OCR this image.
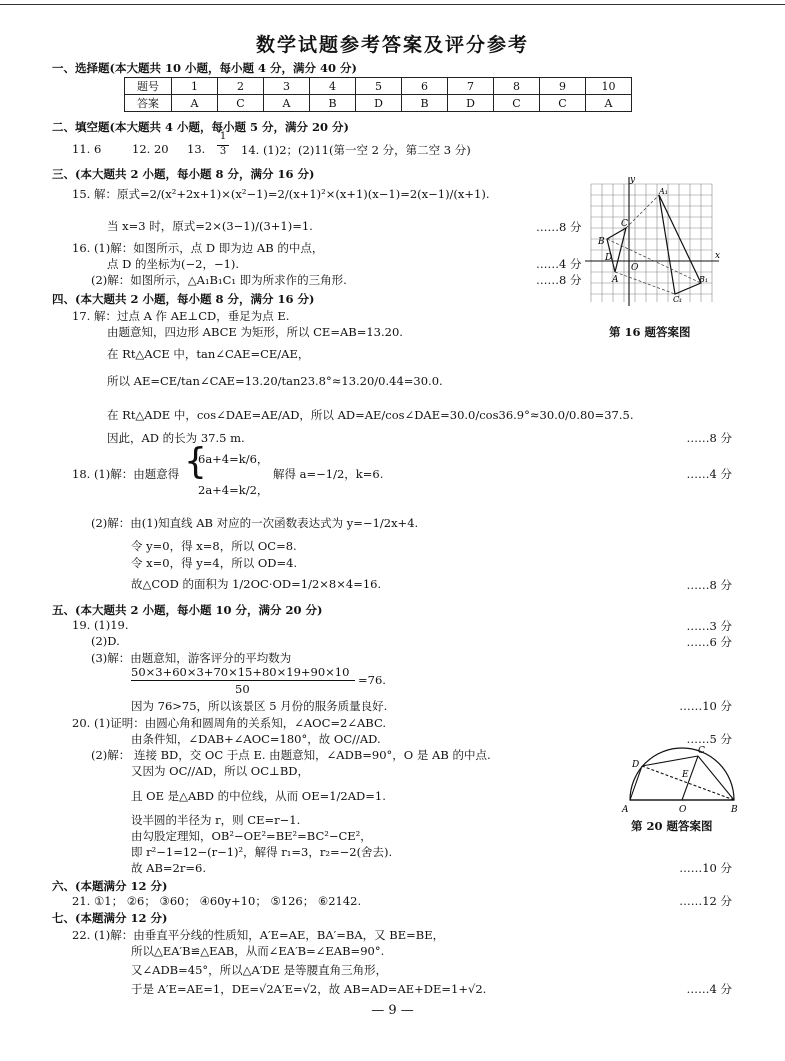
数学试题参考答案及评分参考
一、选择题(本大题共 10 小题，每小题 4 分，满分 40 分)
题号	1	2	3	4	5	6	7	8	9	10
答案	A	C	A	B	D	B	D	C	C	A
二、填空题(本大题共 4 小题，每小题 5 分，满分 20 分)
11. 6	12. 20 13.
1
3 14. (1)2；(2)11(第一空 2 分，第二空 3 分)
三、(本大题共 2 小题，每小题 8 分，满分 16 分)
15. 解：原式=2/(x²+2x+1)×(x²−1)=2/(x+1)²×(x+1)(x−1)=2(x−1)/(x+1).
当 x=3 时，原式=2×(3−1)/(3+1)=1.	……8 分
16. (1)解：如图所示，点 D 即为边 AB 的中点，
点 D 的坐标为(−2，−1).	……4 分
(2)解：如图所示，△A₁B₁C₁ 即为所求作的三角形.	……8 分
y
x
O
A
B
C
D
A₁
B₁
C₁
第 16 题答案图
四、(本大题共 2 小题，每小题 8 分，满分 16 分)
17. 解：过点 A 作 AE⊥CD，垂足为点 E.
由题意知，四边形 ABCE 为矩形，所以 CE=AB=13.20.
在 Rt△ACE 中，tan∠CAE=CE/AE，
所以 AE=CE/tan∠CAE=13.20/tan23.8°≈13.20/0.44=30.0.
在 Rt△ADE 中，cos∠DAE=AE/AD，所以 AD=AE/cos∠DAE=30.0/cos36.9°≈30.0/0.80=37.5.
因此，AD 的长为 37.5 m.	……8 分
18. (1)解：由题意得 {
6a+4=k/6，
2a+4=k/2，
解得 a=−1/2，k=6.	……4 分
(2)解：由(1)知直线 AB 对应的一次函数表达式为 y=−1/2x+4.
令 y=0，得 x=8，所以 OC=8.
令 x=0，得 y=4，所以 OD=4.
故△COD 的面积为 1/2OC·OD=1/2×8×4=16.	……8 分
五、(本大题共 2 小题，每小题 10 分，满分 20 分)
19. (1)19.	……3 分
(2)D.	……6 分
(3)解：由题意知，游客评分的平均数为
50×3+60×3+70×15+80×19+90×10
50
=76.
因为 76>75，所以该景区 5 月份的服务质量良好.	……10 分
20. (1)证明：由圆心角和圆周角的关系知，∠AOC=2∠ABC.
由条件知，∠DAB+∠AOC=180°，故 OC//AD.	……5 分
(2)解： 连接 BD，交 OC 于点 E. 由题意知，∠ADB=90°，O 是 AB 的中点.
又因为 OC//AD，所以 OC⊥BD，
且 OE 是△ABD 的中位线，从而 OE=1/2AD=1.
设半圆的半径为 r，则 CE=r−1.
由勾股定理知，OB²−OE²=BE²=BC²−CE²，
即 r²−1=12−(r−1)²，解得 r₁=3，r₂=−2(舍去).
故 AB=2r=6.	……10 分
A	O	B
C
D
E
第 20 题答案图
六、(本题满分 12 分)
21. ①1； ②6； ③60； ④60y+10； ⑤126； ⑥2142.	……12 分
七、(本题满分 12 分)
22. (1)解：由垂直平分线的性质知，A′E=AE，BA′=BA，又 BE=BE，
所以△EA′B≌△EAB，从而∠EA′B=∠EAB=90°.
又∠ADB=45°，所以△A′DE 是等腰直角三角形，
于是 A′E=AE=1，DE=√2A′E=√2，故 AB=AD=AE+DE=1+√2.	……4 分
— 9 —
